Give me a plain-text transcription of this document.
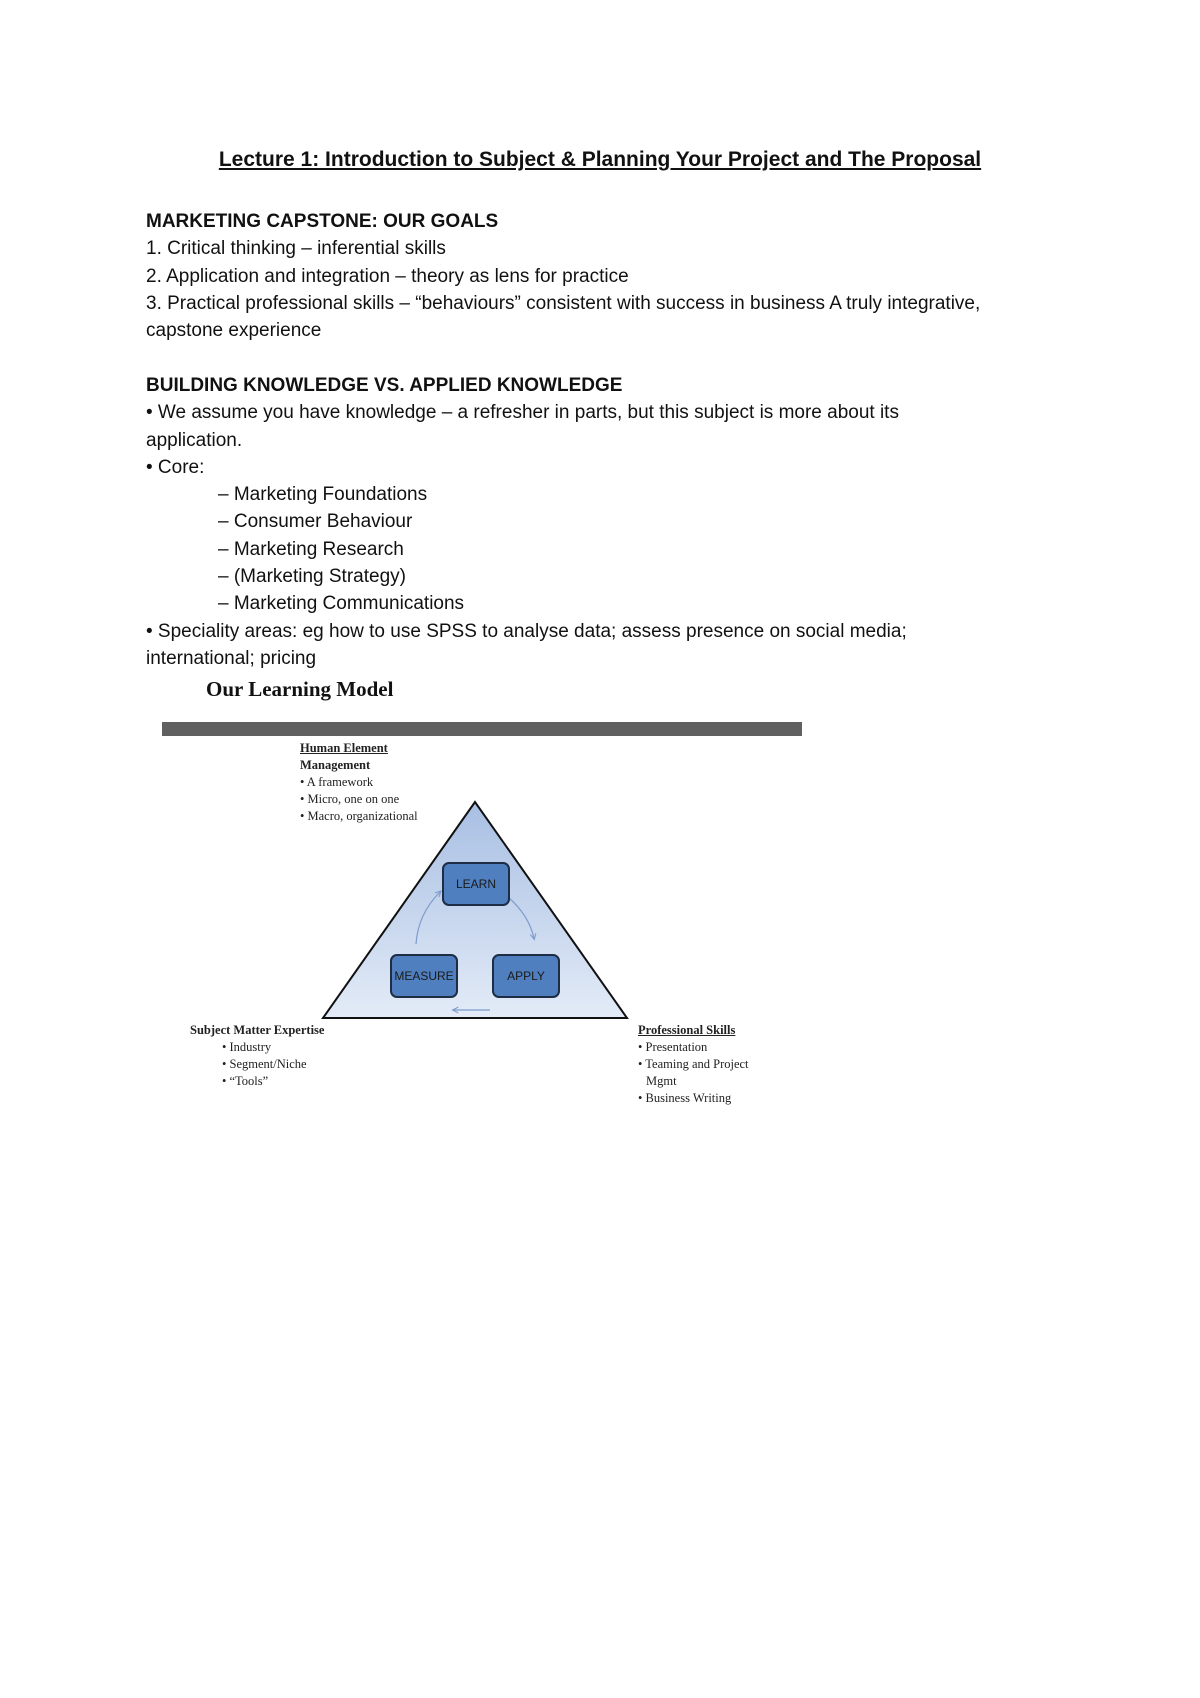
Lecture 1: Introduction to Subject & Planning Your Project and The Proposal

MARKETING CAPSTONE: OUR GOALS

1. Critical thinking – inferential skills

2. Application and integration – theory as lens for practice

3. Practical professional skills – “behaviours” consistent with success in business A truly integrative,

capstone experience

BUILDING KNOWLEDGE VS. APPLIED KNOWLEDGE

• We assume you have knowledge – a refresher in parts, but this subject is more about its

application.

• Core:

– Marketing Foundations

– Consumer Behaviour

– Marketing Research

– (Marketing Strategy)

– Marketing Communications

• Speciality areas: eg how to use SPSS to analyse data; assess presence on social media;

international; pricing

Our Learning Model

LEARN
MEASURE	APPLY

Human Element

Management

• A framework

• Micro, one on one

• Macro, organizational

Subject Matter Expertise

• Industry

• Segment/Niche

• “Tools”

Professional Skills

• Presentation

• Teaming and Project

Mgmt

• Business Writing
